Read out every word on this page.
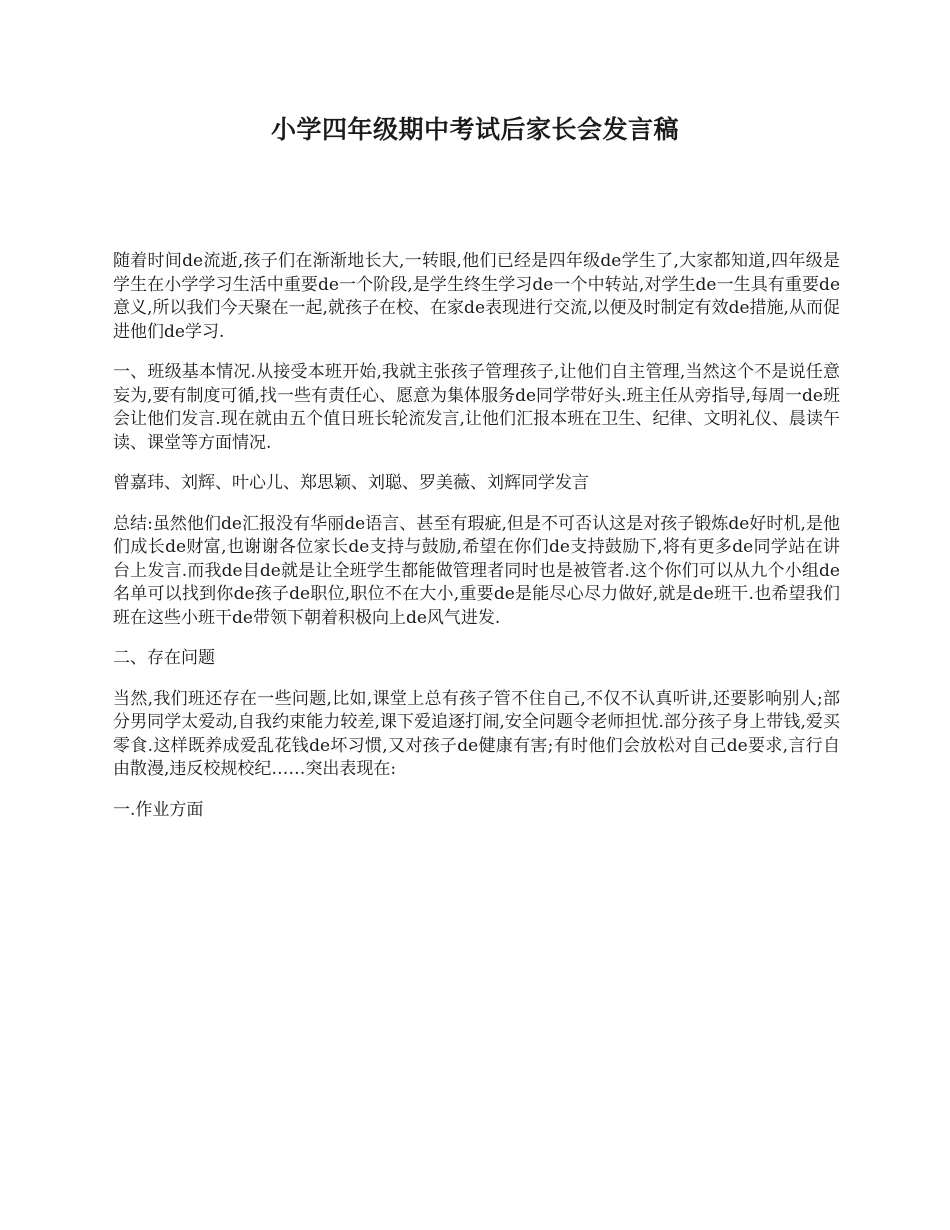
小学四年级期中考试后家长会发言稿

随着时间de流逝,孩子们在渐渐地长大,一转眼,他们已经是四年级de学生了,大家都知道,四年级是学生在小学学习生活中重要de一个阶段,是学生终生学习de一个中转站,对学生de一生具有重要de意义,所以我们今天聚在一起,就孩子在校、在家de表现进行交流,以便及时制定有效de措施,从而促进他们de学习.

一、班级基本情况.从接受本班开始,我就主张孩子管理孩子,让他们自主管理,当然这个不是说任意妄为,要有制度可循,找一些有责任心、愿意为集体服务de同学带好头.班主任从旁指导,每周一de班会让他们发言.现在就由五个值日班长轮流发言,让他们汇报本班在卫生、纪律、文明礼仪、晨读午读、课堂等方面情况.

曾嘉玮、刘辉、叶心儿、郑思颖、刘聪、罗美薇、刘辉同学发言

总结:虽然他们de汇报没有华丽de语言、甚至有瑕疵,但是不可否认这是对孩子锻炼de好时机,是他们成长de财富,也谢谢各位家长de支持与鼓励,希望在你们de支持鼓励下,将有更多de同学站在讲台上发言.而我de目de就是让全班学生都能做管理者同时也是被管者.这个你们可以从九个小组de名单可以找到你de孩子de职位,职位不在大小,重要de是能尽心尽力做好,就是de班干.也希望我们班在这些小班干de带领下朝着积极向上de风气进发.

二、存在问题

当然,我们班还存在一些问题,比如,课堂上总有孩子管不住自己,不仅不认真听讲,还要影响别人;部分男同学太爱动,自我约束能力较差,课下爱追逐打闹,安全问题令老师担忧.部分孩子身上带钱,爱买零食.这样既养成爱乱花钱de坏习惯,又对孩子de健康有害;有时他们会放松对自己de要求,言行自由散漫,违反校规校纪……突出表现在:

一.作业方面
